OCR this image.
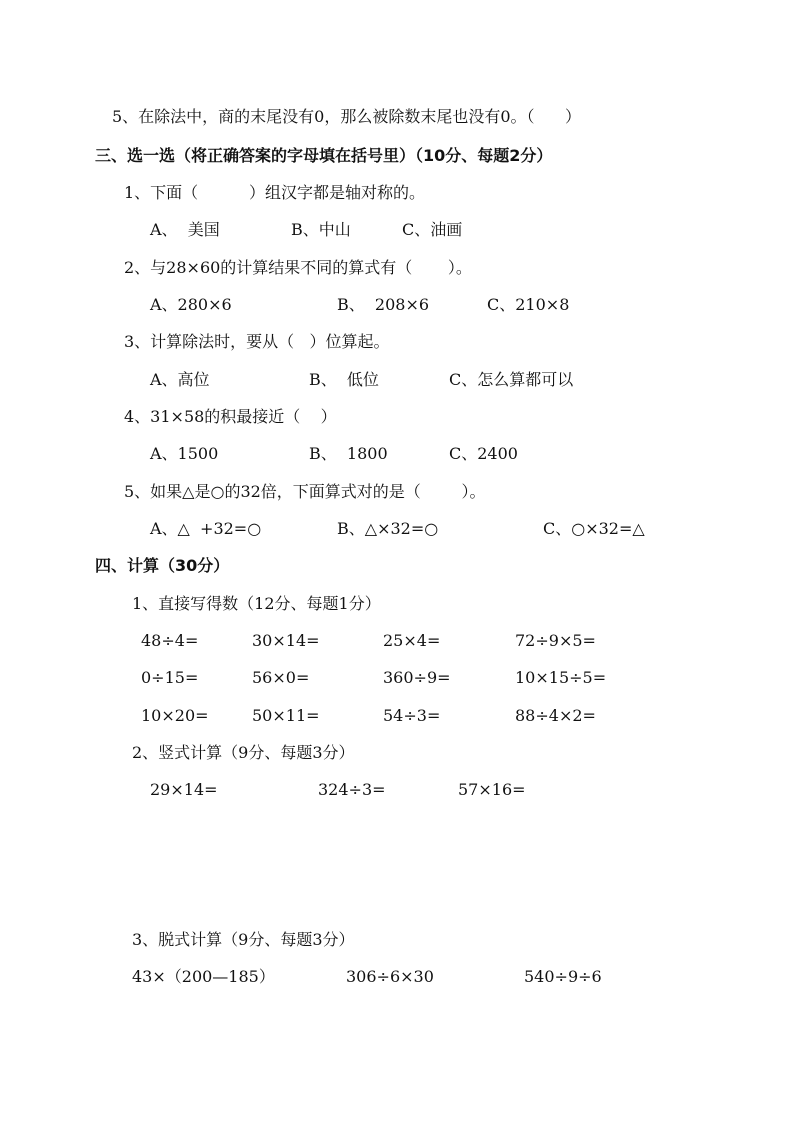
5、在除法中，商的末尾没有0，那么被除数末尾也没有0。（      ）
三、选一选（将正确答案的字母填在括号里）（10分、每题2分）
1、下面（          ）组汉字都是轴对称的。
A、  美国	B、中山	C、油画
2、与28×60的计算结果不同的算式有（       ）。
A、280×6	B、  208×6	C、210×8
3、计算除法时，要从（   ）位算起。
A、高位	B、  低位	C、怎么算都可以
4、31×58的积最接近（    ）
A、1500	B、  1800	C、2400
5、如果△是○的32倍，下面算式对的是（        ）。
A、△  +32=○	B、△×32=○	C、○×32=△
四、计算（30分）
1、直接写得数（12分、每题1分）
48÷4=	30×14=	25×4=	72÷9×5=
0÷15=	56×0=	360÷9=	10×15÷5=
10×20=	50×11=	54÷3=	88÷4×2=
2、竖式计算（9分、每题3分）
29×14=	324÷3=	57×16=
3、脱式计算（9分、每题3分）
43×（200—185）	306÷6×30	540÷9÷6
